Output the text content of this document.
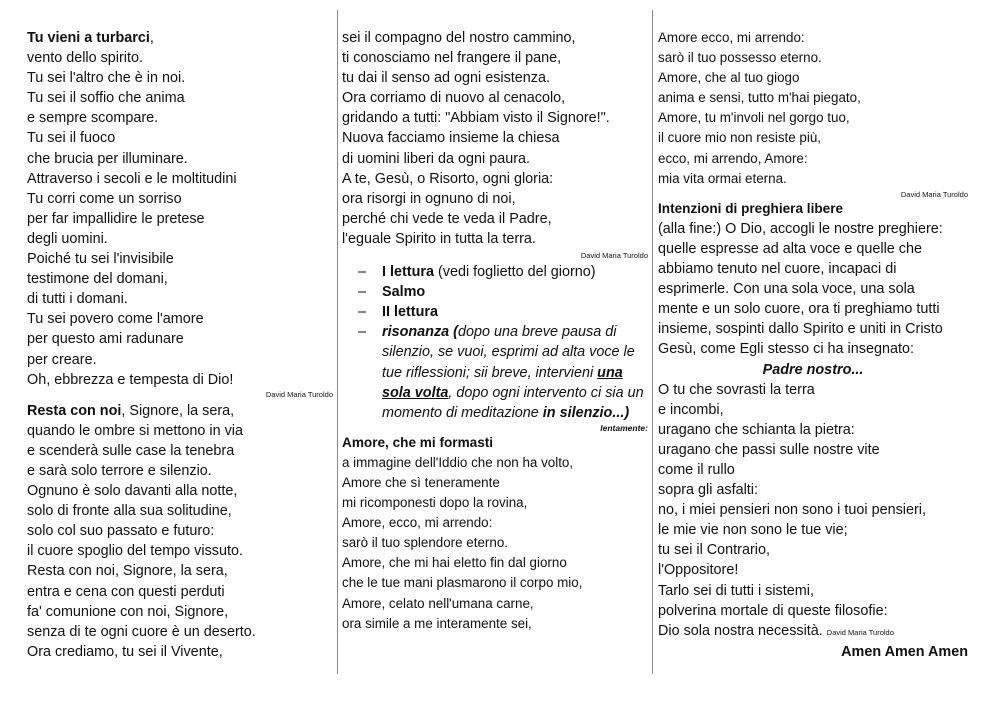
Tu vieni a turbarci,
vento dello spirito.
Tu sei l'altro che è in noi.
Tu sei il soffio che anima
e sempre scompare.
Tu sei il fuoco
che brucia per illuminare.
Attraverso i secoli e le moltitudini
Tu corri come un sorriso
per far impallidire le pretese
degli uomini.
Poiché tu sei l'invisibile
testimone del domani,
di tutti i domani.
Tu sei povero come l'amore
per questo ami radunare
per creare.
Oh, ebbrezza e tempesta di Dio!
David Maria Turoldo
Resta con noi, Signore, la sera,
quando le ombre si mettono in via
e scenderà sulle case la tenebra
e sarà solo terrore e silenzio.
Ognuno è solo davanti alla notte,
solo di fronte alla sua solitudine,
solo col suo passato e futuro:
il cuore spoglio del tempo vissuto.
Resta con noi, Signore, la sera,
entra e cena con questi perduti
fa' comunione con noi, Signore,
senza di te ogni cuore è un deserto.
Ora crediamo, tu sei il Vivente,
sei il compagno del nostro cammino,
ti conosciamo nel frangere il pane,
tu dai il senso ad ogni esistenza.
Ora corriamo di nuovo al cenacolo,
gridando a tutti: "Abbiam visto il Signore!".
Nuova facciamo insieme la chiesa
di uomini liberi da ogni paura.
A te, Gesù, o Risorto, ogni gloria:
ora risorgi in ognuno di noi,
perché chi vede te veda il Padre,
l'eguale Spirito in tutta la terra.
David Maria Turoldo
– I lettura (vedi foglietto del giorno)
– Salmo
– II lettura
– risonanza (dopo una breve pausa di silenzio, se vuoi, esprimi ad alta voce le tue riflessioni; sii breve, intervieni una sola volta, dopo ogni intervento ci sia un momento di meditazione in silenzio...)
lentamente:
Amore, che mi formasti
a immagine dell'Iddio che non ha volto,
Amore che sì teneramente
mi ricomponesti dopo la rovina,
Amore, ecco, mi arrendo:
sarò il tuo splendore eterno.
Amore, che mi hai eletto fin dal giorno
che le tue mani plasmarono il corpo mio,
Amore, celato nell'umana carne,
ora simile a me interamente sei,
Amore ecco, mi arrendo:
sarò il tuo possesso eterno.
Amore, che al tuo giogo
anima e sensi, tutto m'hai piegato,
Amore, tu m'involi nel gorgo tuo,
il cuore mio non resiste più,
ecco, mi arrendo, Amore:
mia vita ormai eterna.
David Maria Turoldo
Intenzioni di preghiera libere
(alla fine:) O Dio, accogli le nostre preghiere:
quelle espresse ad alta voce e quelle che
abbiamo tenuto nel cuore, incapaci di
esprimerle. Con una sola voce, una sola
mente e un solo cuore, ora ti preghiamo tutti
insieme, sospinti dallo Spirito e uniti in Cristo
Gesù, come Egli stesso ci ha insegnato:
Padre nostro...
O tu che sovrasti la terra
e incombi,
uragano che schianta la pietra:
uragano che passi sulle nostre vite
come il rullo
sopra gli asfalti:
no, i miei pensieri non sono i tuoi pensieri,
le mie vie non sono le tue vie;
tu sei il Contrario,
l'Oppositore!
Tarlo sei di tutti i sistemi,
polverina mortale di queste filosofie:
Dio sola nostra necessità. David Maria Turoldo
Amen Amen Amen
